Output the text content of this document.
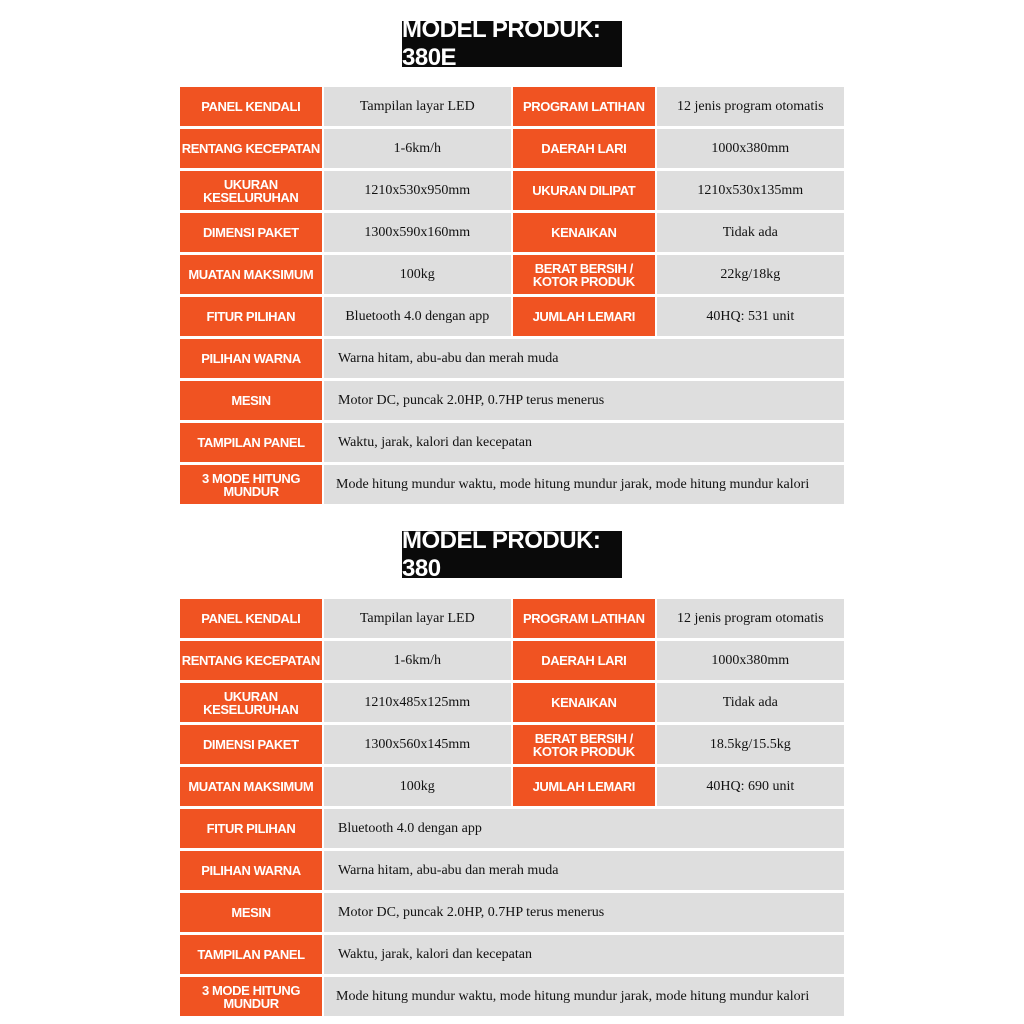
MODEL PRODUK: 380E
PANEL KENDALI	Tampilan layar LED	PROGRAM LATIHAN	12 jenis program otomatis
RENTANG KECEPATAN	1-6km/h	DAERAH LARI	1000x380mm
UKURAN KESELURUHAN	1210x530x950mm	UKURAN DILIPAT	1210x530x135mm
DIMENSI PAKET	1300x590x160mm	KENAIKAN	Tidak ada
MUATAN MAKSIMUM	100kg	BERAT BERSIH / KOTOR PRODUK	22kg/18kg
FITUR PILIHAN	Bluetooth 4.0 dengan app	JUMLAH LEMARI	40HQ: 531 unit
PILIHAN WARNA	Warna hitam, abu-abu dan merah muda
MESIN	Motor DC, puncak 2.0HP, 0.7HP terus menerus
TAMPILAN PANEL	Waktu, jarak, kalori dan kecepatan
3 MODE HITUNG MUNDUR	Mode hitung mundur waktu, mode hitung mundur jarak, mode hitung mundur kalori
MODEL PRODUK: 380
PANEL KENDALI	Tampilan layar LED	PROGRAM LATIHAN	12 jenis program otomatis
RENTANG KECEPATAN	1-6km/h	DAERAH LARI	1000x380mm
UKURAN KESELURUHAN	1210x485x125mm	KENAIKAN	Tidak ada
DIMENSI PAKET	1300x560x145mm	BERAT BERSIH / KOTOR PRODUK	18.5kg/15.5kg
MUATAN MAKSIMUM	100kg	JUMLAH LEMARI	40HQ: 690 unit
FITUR PILIHAN	Bluetooth 4.0 dengan app
PILIHAN WARNA	Warna hitam, abu-abu dan merah muda
MESIN	Motor DC, puncak 2.0HP, 0.7HP terus menerus
TAMPILAN PANEL	Waktu, jarak, kalori dan kecepatan
3 MODE HITUNG MUNDUR	Mode hitung mundur waktu, mode hitung mundur jarak, mode hitung mundur kalori
